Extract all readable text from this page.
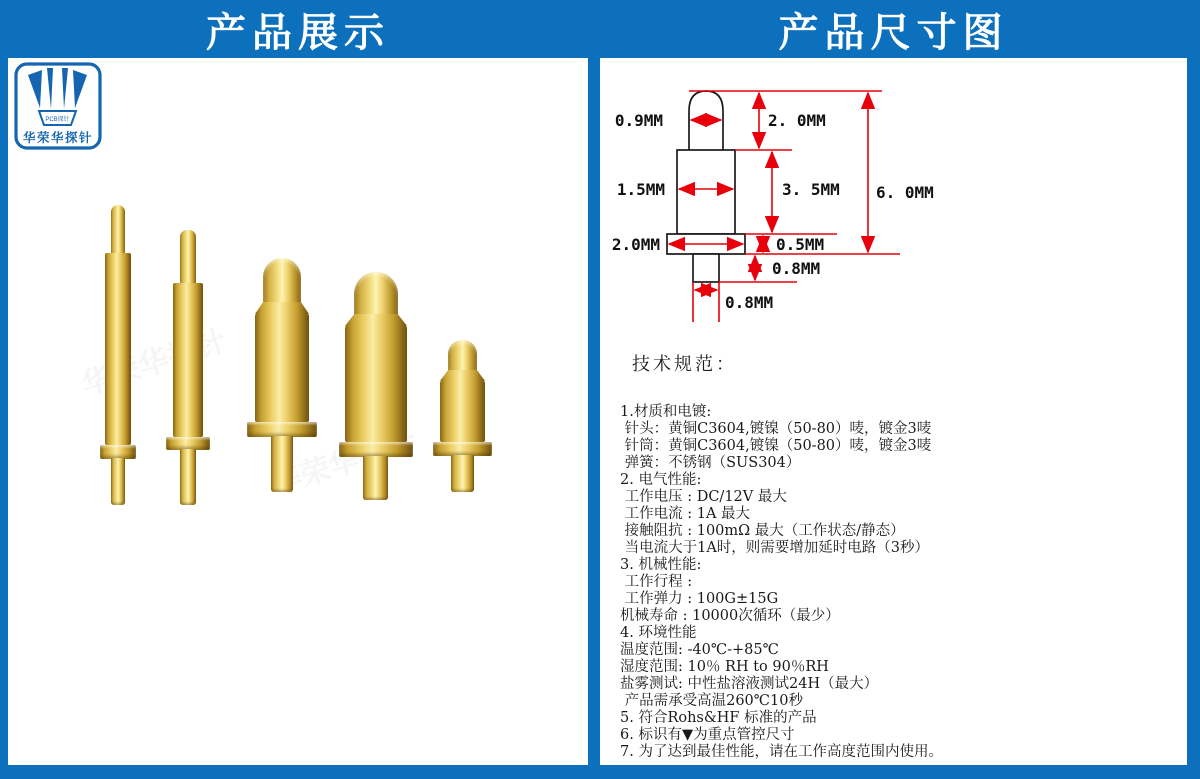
产品展示	产品尺寸图
PCB探针
华荣华探针
华荣华探针
华荣华探针
0.9MM	2. 0MM
1.5MM	3. 5MM 6. 0MM
2.0MM	0.5MM
0.8MM
0.8MM
技术规范：
1.材质和电镀:
针头：黄铜C3604,镀镍（50-80）唛，镀金3唛
针筒：黄铜C3604,镀镍（50-80）唛，镀金3唛
弹簧：不锈钢（SUS304）
2. 电气性能:
工作电压 : DC/12V 最大
工作电流 : 1A 最大
接触阻抗 : 100mΩ 最大（工作状态/静态）
当电流大于1A时，则需要增加延时电路（3秒）
3. 机械性能:
工作行程 :
工作弹力 : 100G±15G
机械寿命 : 10000次循环（最少）
4. 环境性能
温度范围: -40℃-+85℃
湿度范围: 10％ RH to 90％RH
盐雾测试: 中性盐溶液测试24H（最大）
产品需承受高温260℃10秒
5. 符合Rohs&HF 标准的产品
6. 标识有▼为重点管控尺寸
7. 为了达到最佳性能，请在工作高度范围内使用。
